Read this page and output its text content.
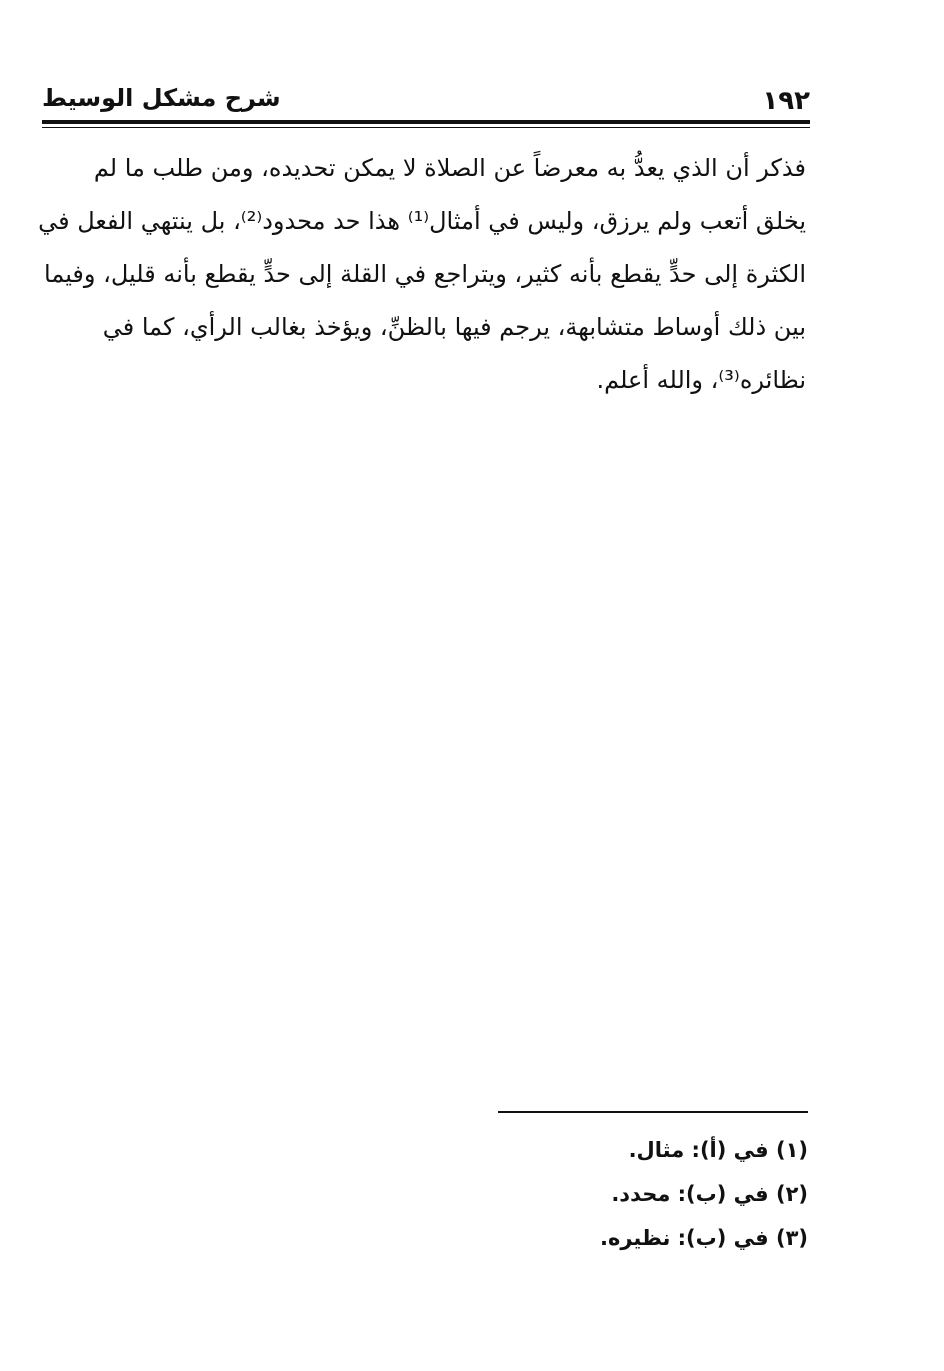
١٩٢
شرح مشكل الوسيط
فذكر أن الذي يعدُّ به معرضاً عن الصلاة لا يمكن تحديده، ومن طلب ما لم
يخلق أتعب ولم يرزق، وليس في أمثال⁽¹⁾ هذا حد محدود⁽²⁾، بل ينتهي الفعل في
الكثرة إلى حدٍّ يقطع بأنه كثير، ويتراجع في القلة إلى حدٍّ يقطع بأنه قليل، وفيما
بين ذلك أوساط متشابهة، يرجم فيها بالظنِّ، ويؤخذ بغالب الرأي، كما في
نظائره⁽³⁾، والله أعلم.
(١) في (أ): مثال.
(٢) في (ب): محدد.
(٣) في (ب): نظيره.
